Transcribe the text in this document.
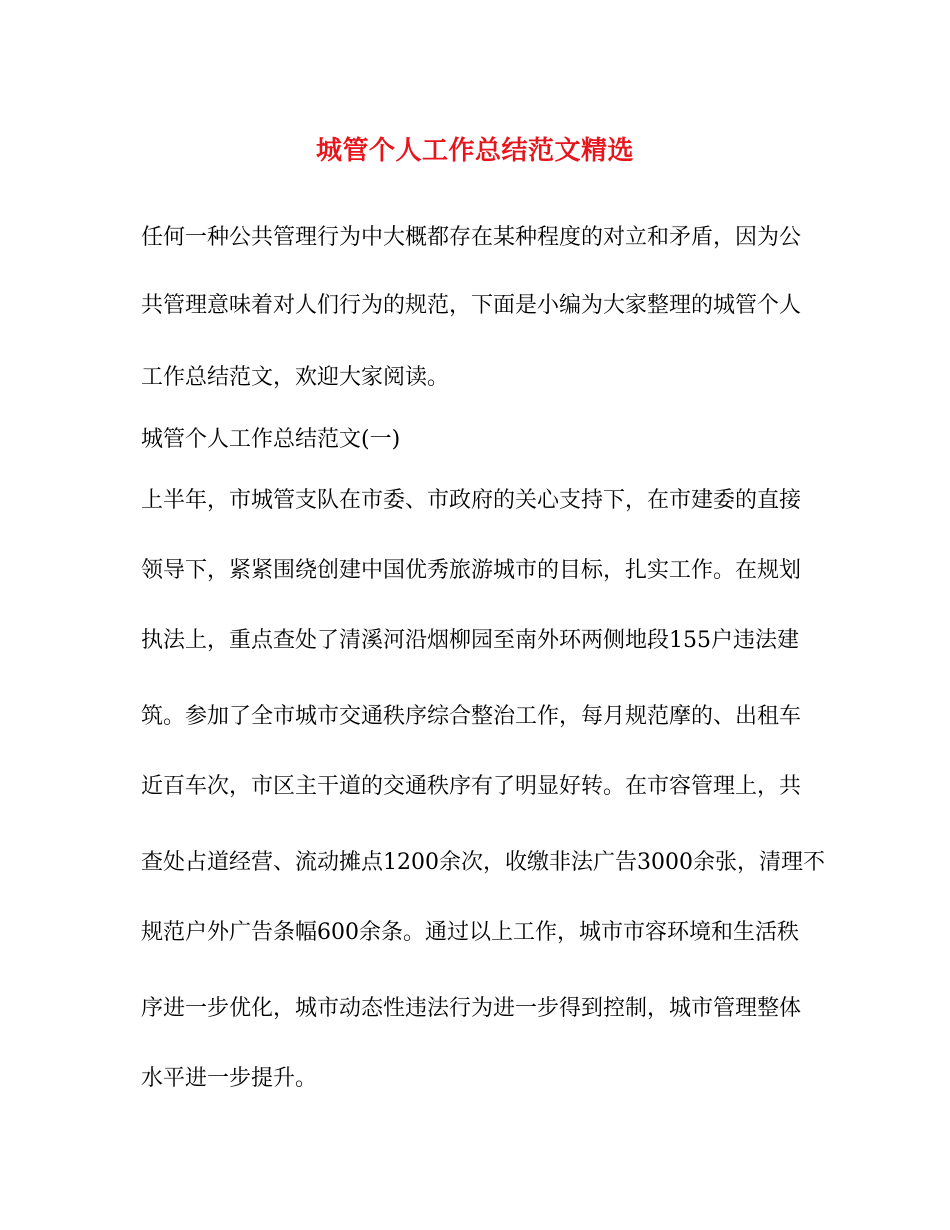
城管个人工作总结范文精选
任何一种公共管理行为中大概都存在某种程度的对立和矛盾，因为公
共管理意味着对人们行为的规范，下面是小编为大家整理的城管个人
工作总结范文，欢迎大家阅读。
城管个人工作总结范文(一)
上半年，市城管支队在市委、市政府的关心支持下，在市建委的直接
领导下，紧紧围绕创建中国优秀旅游城市的目标，扎实工作。在规划
执法上，重点查处了清溪河沿烟柳园至南外环两侧地段155户违法建
筑。参加了全市城市交通秩序综合整治工作，每月规范摩的、出租车
近百车次，市区主干道的交通秩序有了明显好转。在市容管理上，共
查处占道经营、流动摊点1200余次，收缴非法广告3000余张，清理不
规范户外广告条幅600余条。通过以上工作，城市市容环境和生活秩
序进一步优化，城市动态性违法行为进一步得到控制，城市管理整体
水平进一步提升。
